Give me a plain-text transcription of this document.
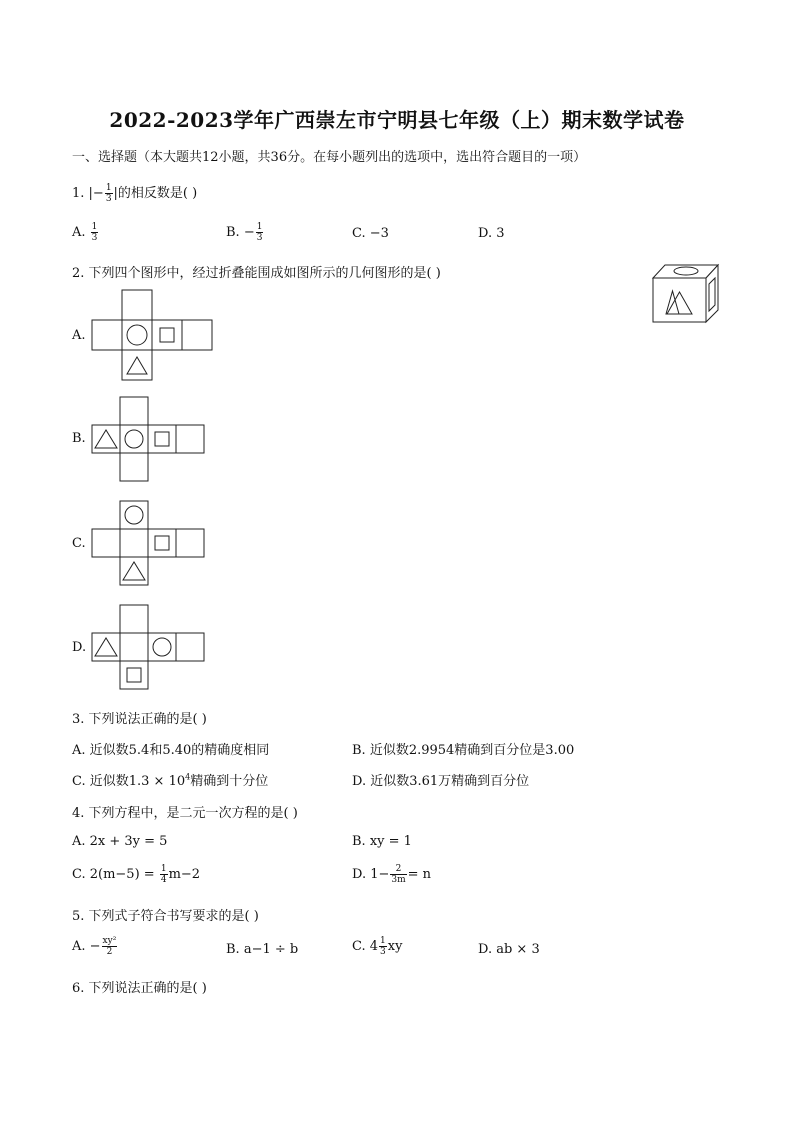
2022-2023学年广西崇左市宁明县七年级（上）期末数学试卷
一、选择题（本大题共12小题，共36分。在每小题列出的选项中，选出符合题目的一项）
1. |− $\frac{1}{3}$ |的相反数是( )
A. $\frac{1}{3}$	B. − $\frac{1}{3}$	C. −3	D. 3
2. 下列四个图形中，经过折叠能围成如图所示的几何图形的是( )
A.
B.
C.
D.
3. 下列说法正确的是( )
A. 近似数5.4和5.40的精确度相同	B. 近似数2.9954精确到百分位是3.00
C. 近似数$1.3 \times 10^4$精确到十分位	D. 近似数3.61万精确到百分位
4. 下列方程中，是二元一次方程的是( )
A. 2x + 3y = 5	B. xy = 1
C. $2(m-5) = \frac{1}{4} m-2$	D. $1- \frac{2}{3m} = n$
5. 下列式子符合书写要求的是( )
A. − $\frac{\text{xy²}}{2}$	B. a−1 ÷ b	C. $4 \frac{1}{3}$ xy	D. ab × 3
6. 下列说法正确的是( )
